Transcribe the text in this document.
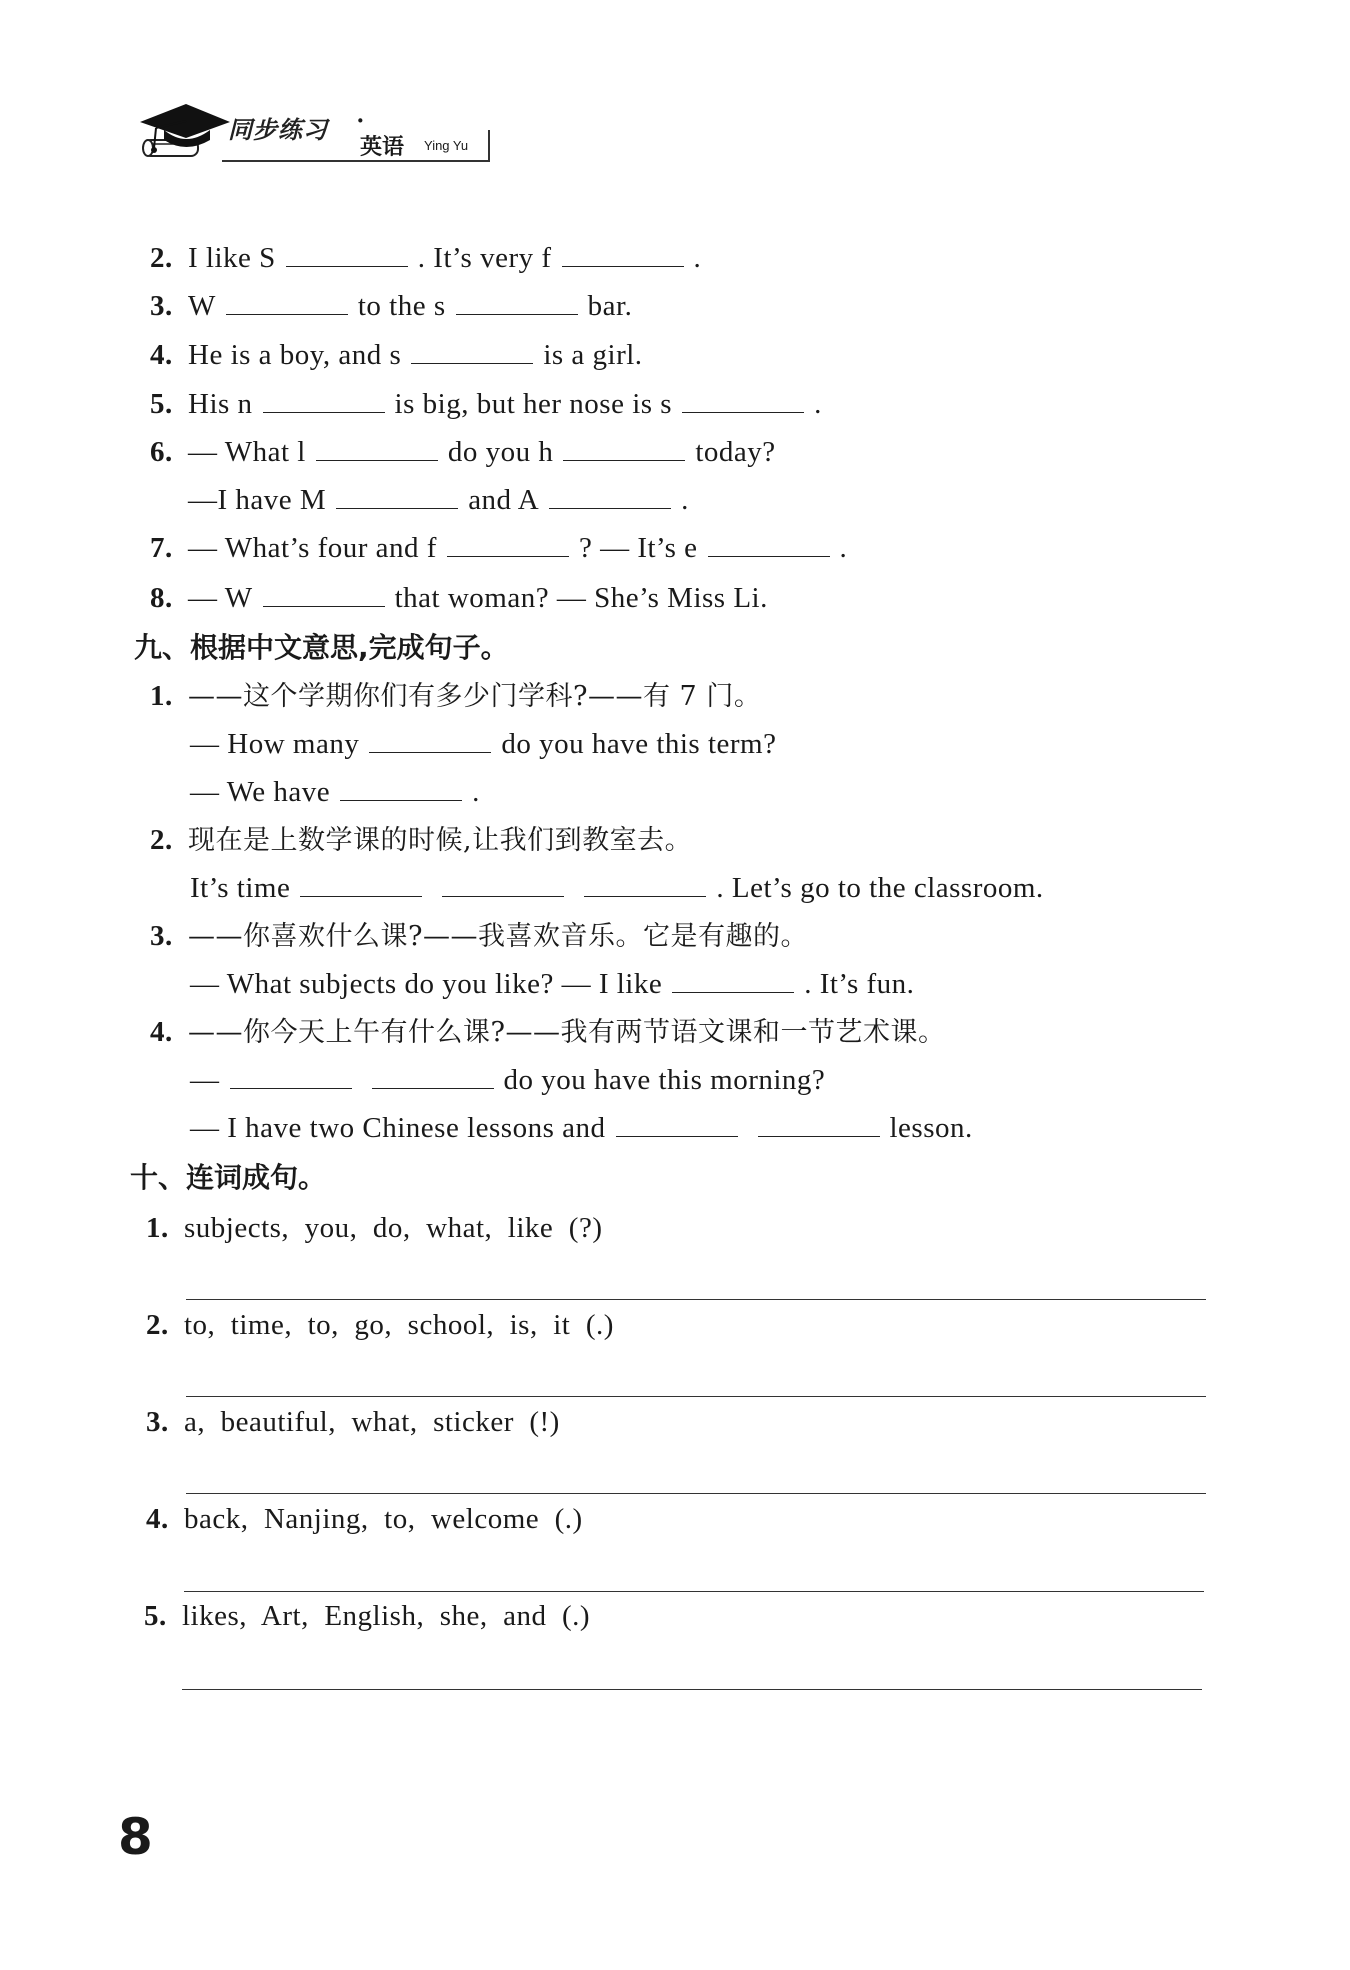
同步练习 ·
英语 Ying Yu
2. I like S	. It’s very f	.
3. W	to the s	bar.
4. He is a boy, and s	is a girl.
5. His n	is big, but her nose is s	.
6. — What l	do you h	today?
—I have M	and A	.
7. — What’s four and f	? — It’s e	.
8. — W	that woman? — She’s Miss Li.
九、根据中文意思,完成句子。
1. ——这个学期你们有多少门学科?——有 7 门。
— How many	do you have this term?
— We have	.
2. 现在是上数学课的时候,让我们到教室去。
It’s time	. Let’s go to the classroom.
3. ——你喜欢什么课?——我喜欢音乐。它是有趣的。
— What subjects do you like? — I like	. It’s fun.
4. ——你今天上午有什么课?——我有两节语文课和一节艺术课。
—	do you have this morning?
— I have two Chinese lessons and	lesson.
十、连词成句。
1. subjects,  you,  do,  what,  like  (?)
2. to,  time,  to,  go,  school,  is,  it  (.)
3. a,  beautiful,  what,  sticker  (!)
4. back,  Nanjing,  to,  welcome  (.)
5. likes,  Art,  English,  she,  and  (.)
8
